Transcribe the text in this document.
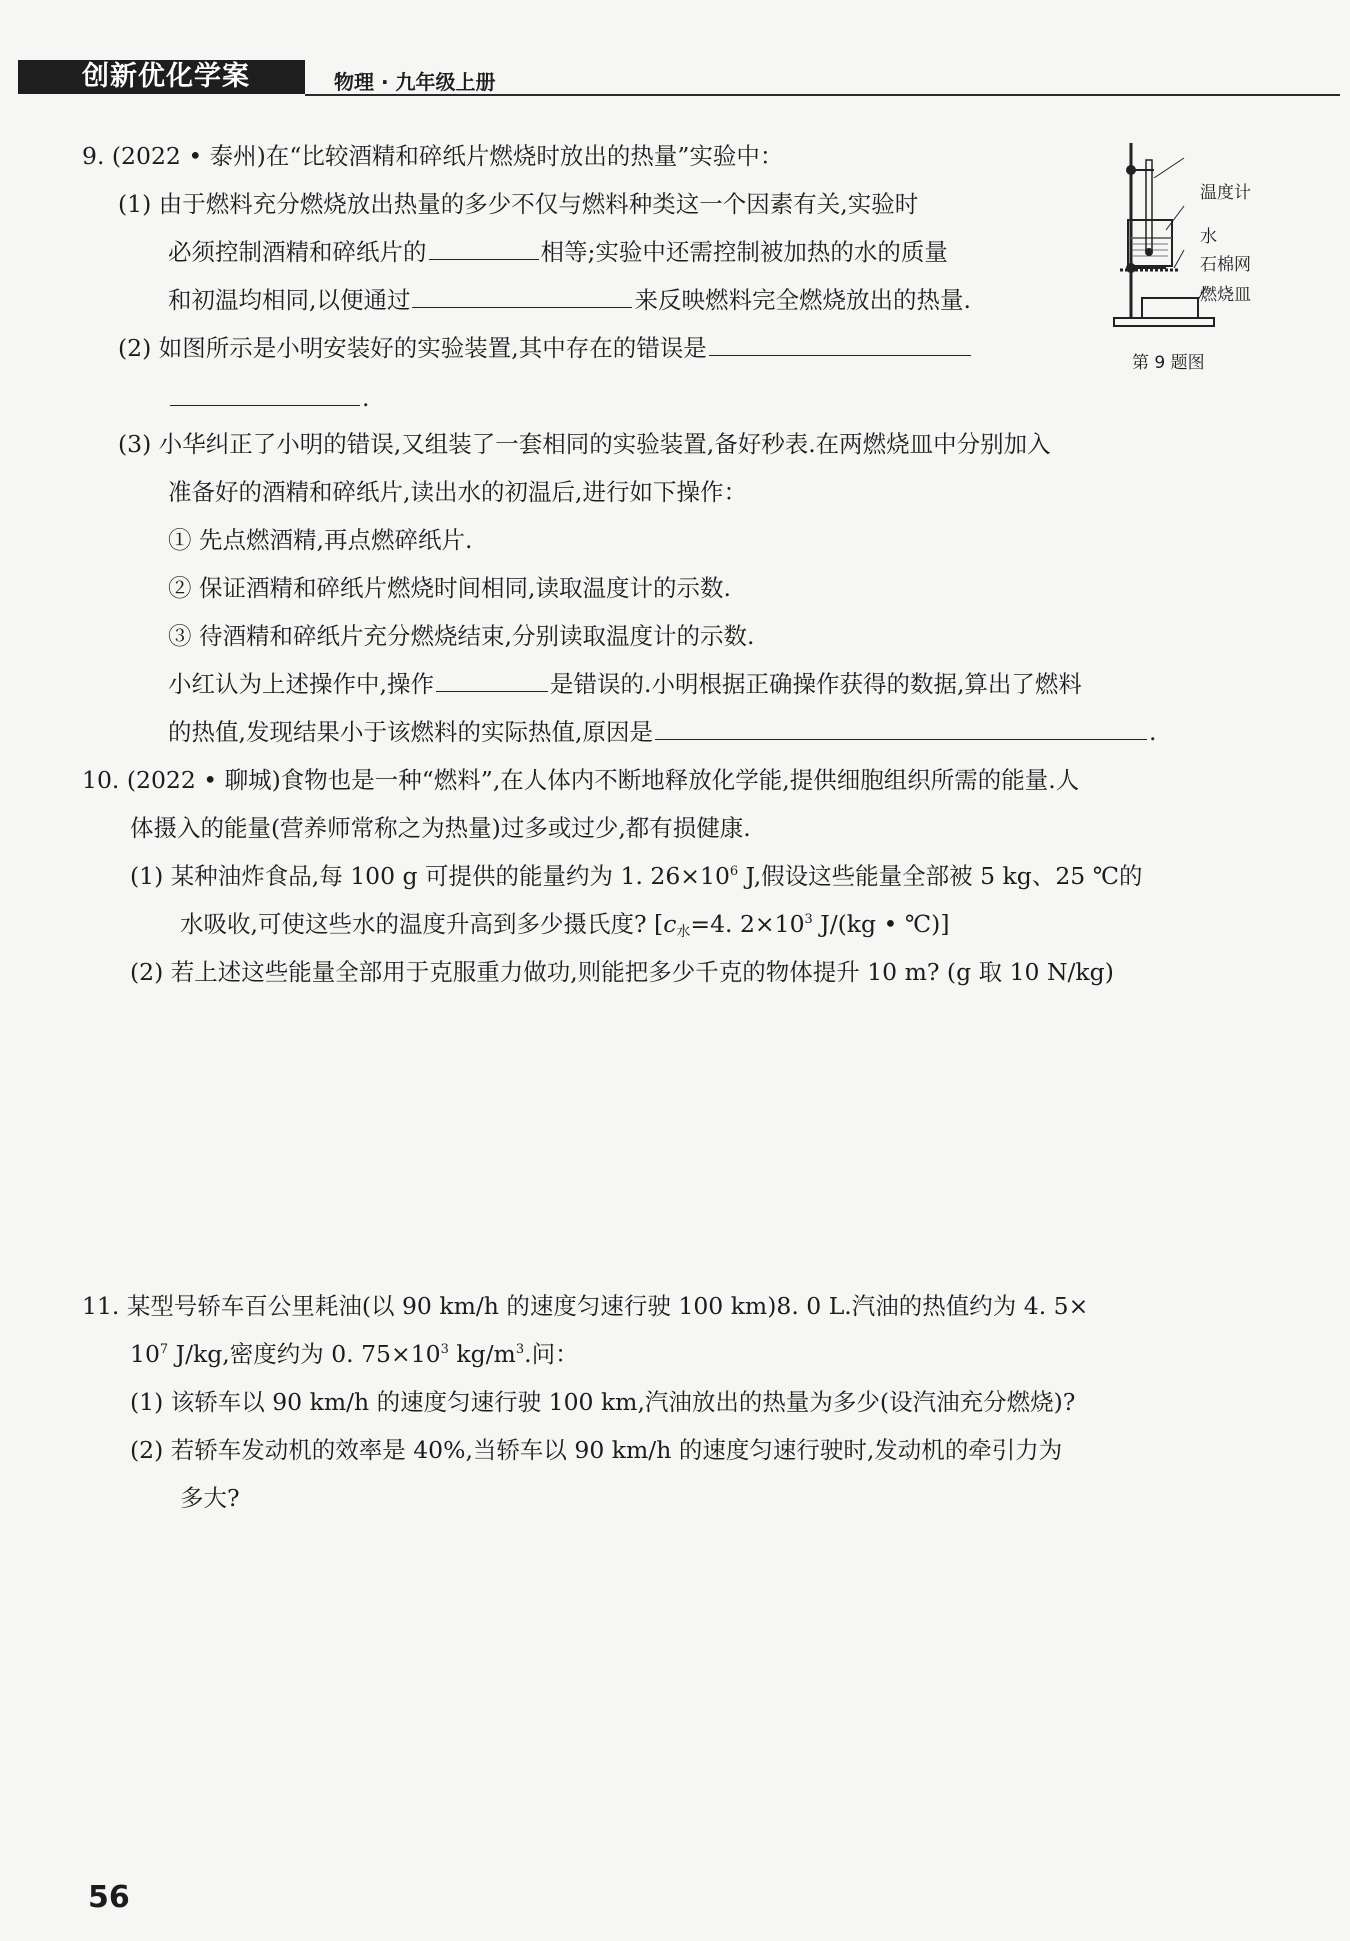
创新优化学案	物理 · 九年级上册
9. (2022 • 泰州)在“比较酒精和碎纸片燃烧时放出的热量”实验中：
(1) 由于燃料充分燃烧放出热量的多少不仅与燃料种类这一个因素有关,实验时
必须控制酒精和碎纸片的	相等;实验中还需控制被加热的水的质量
和初温均相同,以便通过	来反映燃料完全燃烧放出的热量.
(2) 如图所示是小明安装好的实验装置,其中存在的错误是
.
(3) 小华纠正了小明的错误,又组装了一套相同的实验装置,备好秒表.在两燃烧皿中分别加入
准备好的酒精和碎纸片,读出水的初温后,进行如下操作：
① 先点燃酒精,再点燃碎纸片.
② 保证酒精和碎纸片燃烧时间相同,读取温度计的示数.
③ 待酒精和碎纸片充分燃烧结束,分别读取温度计的示数.
小红认为上述操作中,操作	是错误的.小明根据正确操作获得的数据,算出了燃料
的热值,发现结果小于该燃料的实际热值,原因是	.
温度计
水
石棉网
燃烧皿
第 9 题图
10. (2022 • 聊城)食物也是一种“燃料”,在人体内不断地释放化学能,提供细胞组织所需的能量.人
体摄入的能量(营养师常称之为热量)过多或过少,都有损健康.
(1) 某种油炸食品,每 100 g 可提供的能量约为 1. $26\times 10^6$ J,假设这些能量全部被 5 kg、25 ℃的
水吸收,可使这些水的温度升高到多少摄氏度? [$c_水=4$. $2\times 10^3$ J/(kg • ℃)]
(2) 若上述这些能量全部用于克服重力做功,则能把多少千克的物体提升 10 m? (g 取 10 N/kg)
11. 某型号轿车百公里耗油(以 90 km/h 的速度匀速行驶 100 km)8. 0 L.汽油的热值约为 4. 5×
$10^7$ J/kg,密度约为 0. $75\times 10^3$ $kg/m^3$.问：
(1) 该轿车以 90 km/h 的速度匀速行驶 100 km,汽油放出的热量为多少(设汽油充分燃烧)?
(2) 若轿车发动机的效率是 40%,当轿车以 90 km/h 的速度匀速行驶时,发动机的牵引力为
多大?
56
